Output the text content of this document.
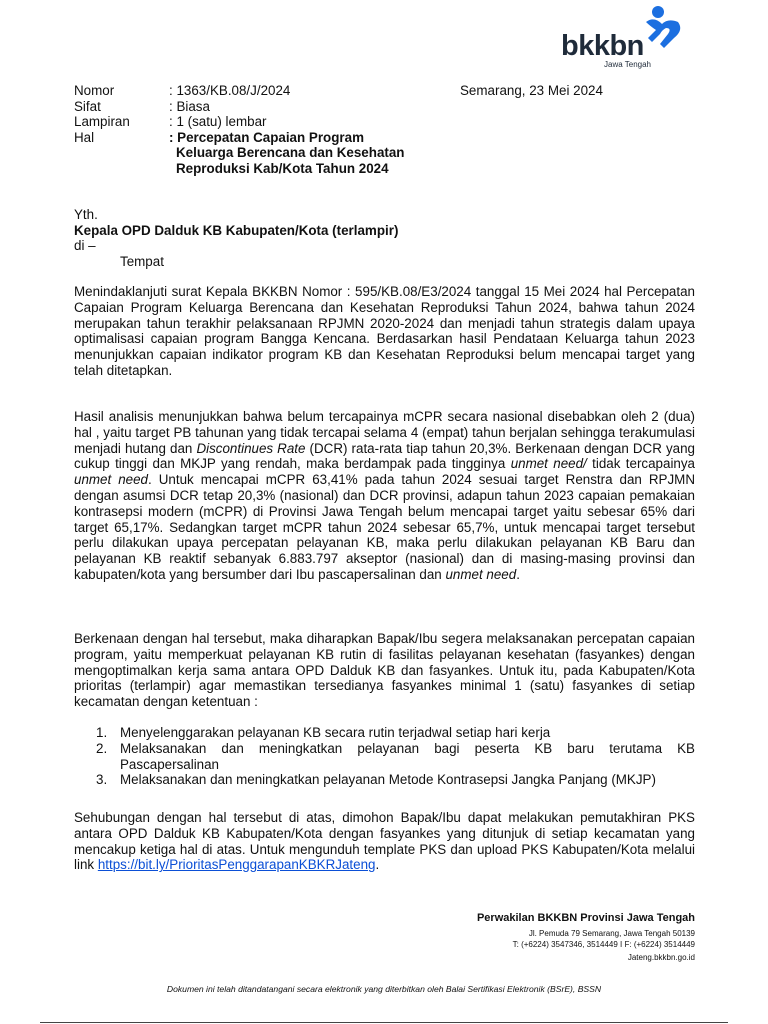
bkkbn
Jawa Tengah
Nomor	: 1363/KB.08/J/2024
Sifat	: Biasa
Lampiran	: 1 (satu) lembar
Hal	: Percepatan Capaian Program
Keluarga Berencana dan Kesehatan
Reproduksi Kab/Kota Tahun 2024
Semarang, 23 Mei 2024
Yth.
Kepala OPD Dalduk KB Kabupaten/Kota (terlampir)
di –
Tempat

Menindaklanjuti surat Kepala BKKBN Nomor : 595/KB.08/E3/2024 tanggal 15 Mei 2024 hal Percepatan Capaian Program Keluarga Berencana dan Kesehatan Reproduksi Tahun 2024, bahwa tahun 2024 merupakan tahun terakhir pelaksanaan RPJMN 2020-2024 dan menjadi tahun strategis dalam upaya optimalisasi capaian program Bangga Kencana. Berdasarkan hasil Pendataan Keluarga tahun 2023 menunjukkan capaian indikator program KB dan Kesehatan Reproduksi belum mencapai target yang telah ditetapkan.

Hasil analisis menunjukkan bahwa belum tercapainya mCPR secara nasional disebabkan oleh 2 (dua) hal , yaitu target PB tahunan yang tidak tercapai selama 4 (empat) tahun berjalan sehingga terakumulasi menjadi hutang dan Discontinues Rate (DCR) rata-rata tiap tahun 20,3%. Berkenaan dengan DCR yang cukup tinggi dan MKJP yang rendah, maka berdampak pada tingginya unmet need/ tidak tercapainya unmet need. Untuk mencapai mCPR 63,41% pada tahun 2024 sesuai target Renstra dan RPJMN dengan asumsi DCR tetap 20,3% (nasional) dan DCR provinsi, adapun tahun 2023 capaian pemakaian kontrasepsi modern (mCPR) di Provinsi Jawa Tengah belum mencapai target yaitu sebesar 65% dari target 65,17%. Sedangkan target mCPR tahun 2024 sebesar 65,7%, untuk mencapai target tersebut perlu dilakukan upaya percepatan pelayanan KB, maka perlu dilakukan pelayanan KB Baru dan pelayanan KB reaktif sebanyak 6.883.797 akseptor (nasional) dan di masing-masing provinsi dan kabupaten/kota yang bersumber dari Ibu pascapersalinan dan unmet need.

Berkenaan dengan hal tersebut, maka diharapkan Bapak/Ibu segera melaksanakan percepatan capaian program, yaitu memperkuat pelayanan KB rutin di fasilitas pelayanan kesehatan (fasyankes) dengan mengoptimalkan kerja sama antara OPD Dalduk KB dan fasyankes. Untuk itu, pada Kabupaten/Kota prioritas (terlampir) agar memastikan tersedianya fasyankes minimal 1 (satu) fasyankes di setiap kecamatan dengan ketentuan :

1. Menyelenggarakan pelayanan KB secara rutin terjadwal setiap hari kerja
2. Melaksanakan dan meningkatkan pelayanan bagi peserta KB baru terutama KB Pascapersalinan
3. Melaksanakan dan meningkatkan pelayanan Metode Kontrasepsi Jangka Panjang (MKJP)

Sehubungan dengan hal tersebut di atas, dimohon Bapak/Ibu dapat melakukan pemutakhiran PKS antara OPD Dalduk KB Kabupaten/Kota dengan fasyankes yang ditunjuk di setiap kecamatan yang mencakup ketiga hal di atas. Untuk mengunduh template PKS dan upload PKS Kabupaten/Kota melalui link https://bit.ly/PrioritasPenggarapanKBKRJateng.

Perwakilan BKKBN Provinsi Jawa Tengah
Jl. Pemuda 79 Semarang, Jawa Tengah 50139
T: (+6224) 3547346, 3514449 I F: (+6224) 3514449
Jateng.bkkbn.go.id
Dokumen ini telah ditandatangani secara elektronik yang diterbitkan oleh Balai Sertifikasi Elektronik (BSrE), BSSN
